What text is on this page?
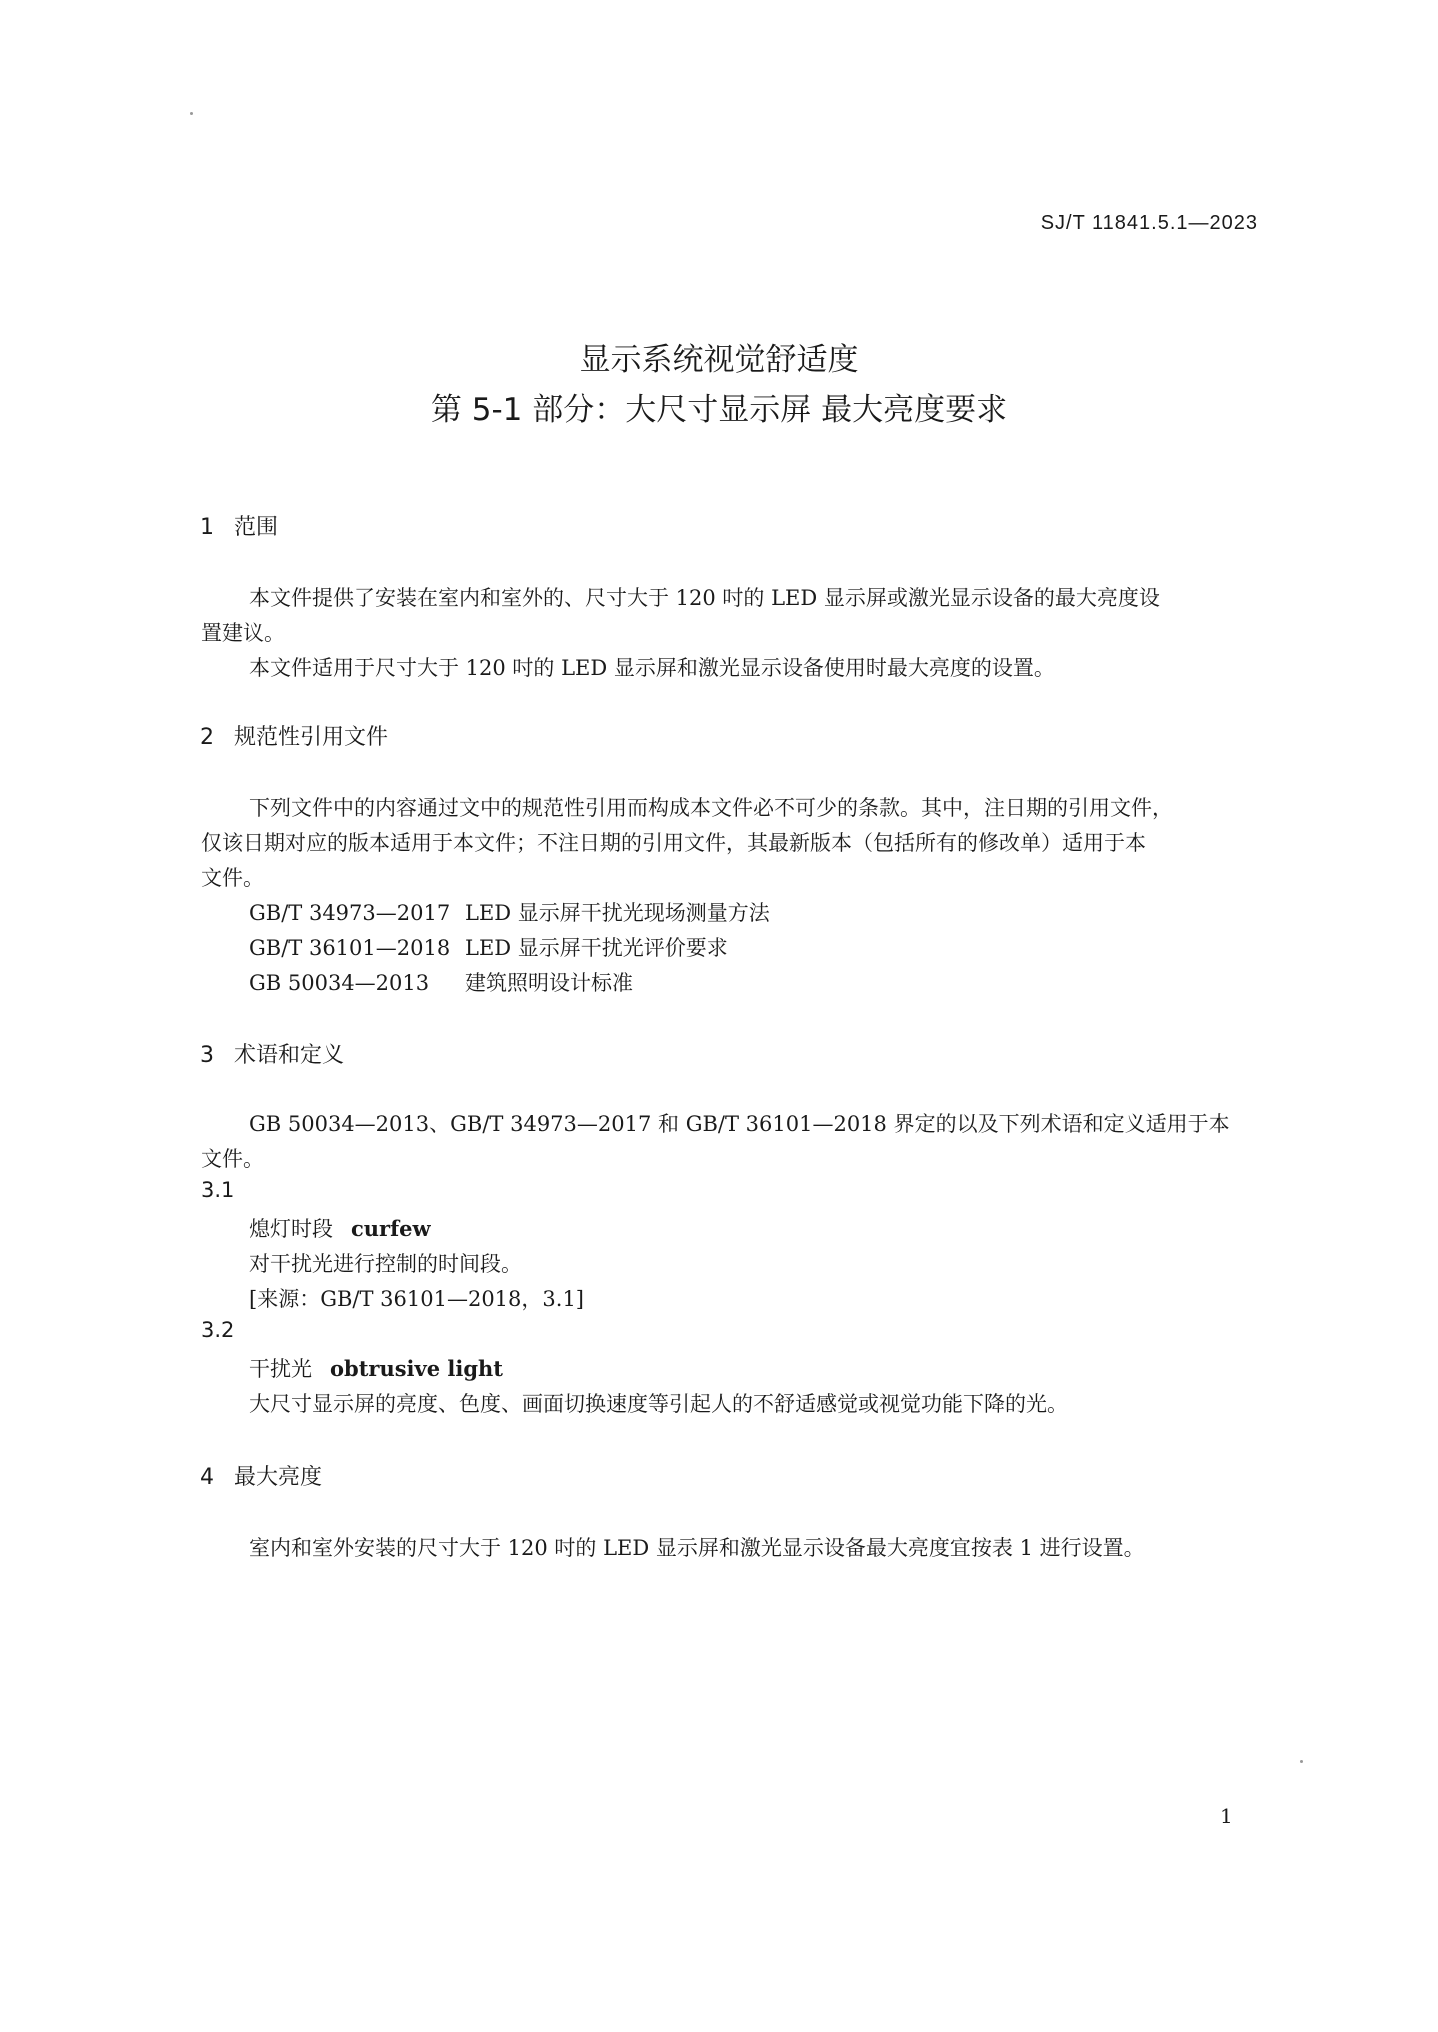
SJ/T 11841.5.1—2023
显示系统视觉舒适度
第 5-1 部分：大尺寸显示屏 最大亮度要求
1 范围
本文件提供了安装在室内和室外的、尺寸大于 120 吋的 LED 显示屏或激光显示设备的最大亮度设
置建议。
本文件适用于尺寸大于 120 吋的 LED 显示屏和激光显示设备使用时最大亮度的设置。
2 规范性引用文件
下列文件中的内容通过文中的规范性引用而构成本文件必不可少的条款。其中，注日期的引用文件，
仅该日期对应的版本适用于本文件；不注日期的引用文件，其最新版本（包括所有的修改单）适用于本
文件。
GB/T 34973—2017 LED 显示屏干扰光现场测量方法
GB/T 36101—2018 LED 显示屏干扰光评价要求
GB 50034—2013 建筑照明设计标准
3 术语和定义
GB 50034—2013、GB/T 34973—2017 和 GB/T 36101—2018 界定的以及下列术语和定义适用于本
文件。
3.1
熄灯时段 curfew
对干扰光进行控制的时间段。
[来源：GB/T 36101—2018，3.1]
3.2
干扰光 obtrusive light
大尺寸显示屏的亮度、色度、画面切换速度等引起人的不舒适感觉或视觉功能下降的光。
4 最大亮度
室内和室外安装的尺寸大于 120 吋的 LED 显示屏和激光显示设备最大亮度宜按表 1 进行设置。
1
